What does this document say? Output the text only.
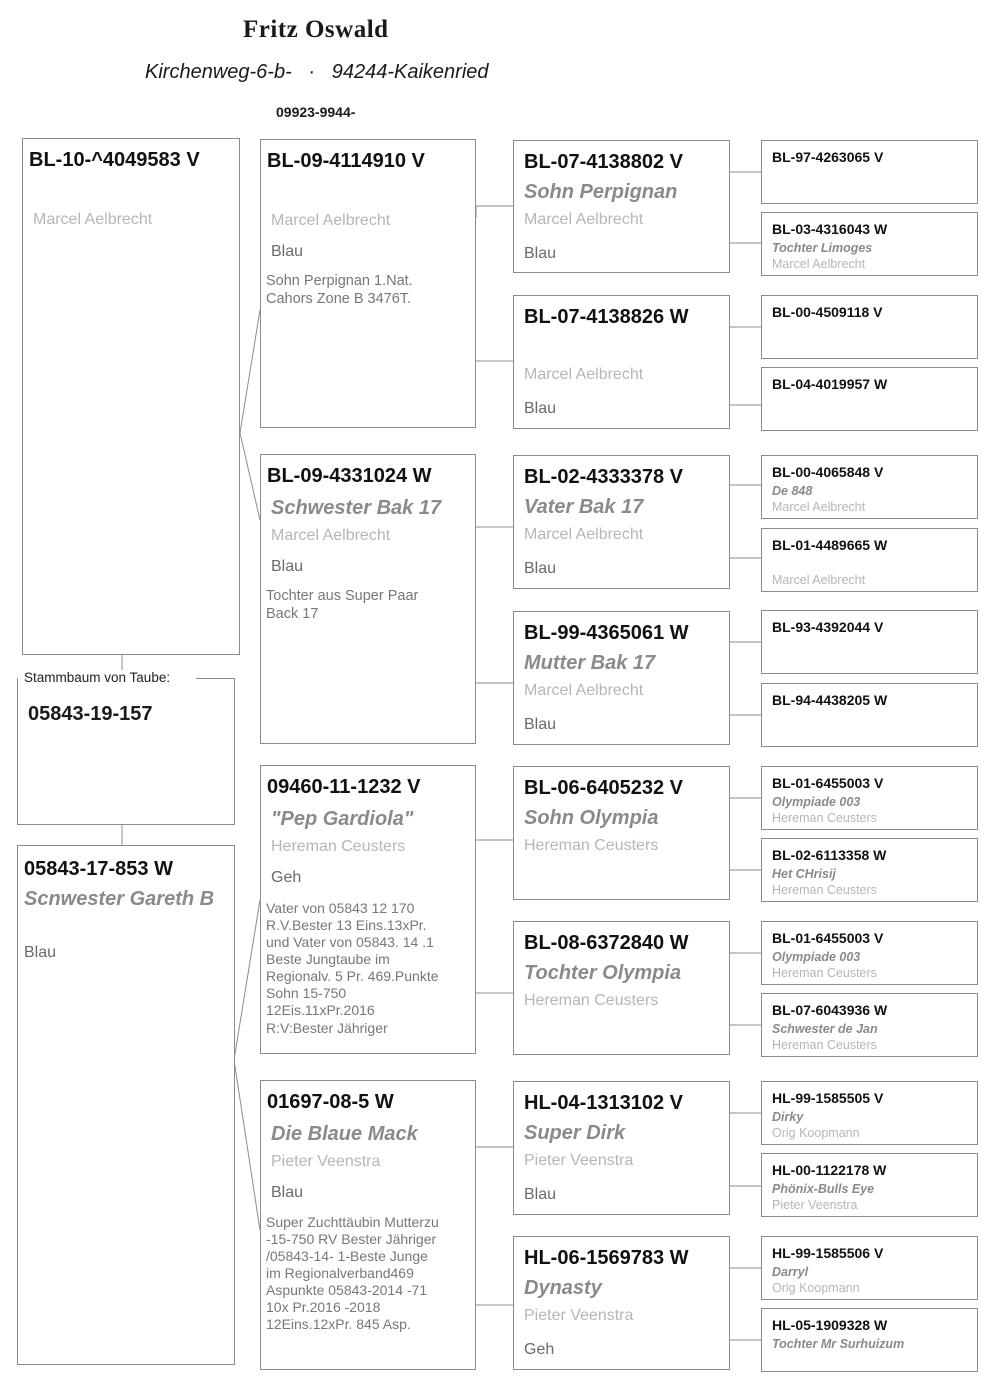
Fritz Oswald
Kirchenweg-6-b-   ·   94244-Kaikenried
09923-9944-
BL-10-^4049583 V
Marcel Aelbrecht
Stammbaum von Taube:
05843-19-157
05843-17-853 W
Scnwester Gareth B
Blau
BL-09-4114910 V
Marcel Aelbrecht
Blau
Sohn Perpignan 1.Nat.
Cahors Zone B 3476T.
BL-09-4331024 W
Schwester Bak 17
Marcel Aelbrecht
Blau
Tochter aus Super Paar
Back 17
09460-11-1232 V
"Pep Gardiola"
Hereman Ceusters
Geh
Vater von 05843 12 170
R.V.Bester 13 Eins.13xPr.
und Vater von 05843. 14 .1
Beste Jungtaube im
Regionalv. 5 Pr. 469.Punkte
Sohn 15-750
12Eis.11xPr.2016
R:V:Bester Jähriger
01697-08-5 W
Die Blaue Mack
Pieter Veenstra
Blau
Super Zuchttäubin Mutterzu
-15-750 RV Bester Jähriger
/05843-14- 1-Beste Junge
im Regionalverband469
Aspunkte 05843-2014 -71
10x Pr.2016 -2018
12Eins.12xPr. 845 Asp.
BL-07-4138802 V
Sohn Perpignan
Marcel Aelbrecht
Blau
BL-07-4138826 W
Marcel Aelbrecht
Blau
BL-02-4333378 V
Vater Bak 17
Marcel Aelbrecht
Blau
BL-99-4365061 W
Mutter Bak 17
Marcel Aelbrecht
Blau
BL-06-6405232 V
Sohn Olympia
Hereman Ceusters
BL-08-6372840 W
Tochter Olympia
Hereman Ceusters
HL-04-1313102 V
Super Dirk
Pieter Veenstra
Blau
HL-06-1569783 W
Dynasty
Pieter Veenstra
Geh
BL-97-4263065 V
BL-03-4316043 W
Tochter Limoges
Marcel Aelbrecht
BL-00-4509118 V
BL-04-4019957 W
BL-00-4065848 V
De 848
Marcel Aelbrecht
BL-01-4489665 W
Marcel Aelbrecht
BL-93-4392044 V
BL-94-4438205 W
BL-01-6455003 V
Olympiade 003
Hereman Ceusters
BL-02-6113358 W
Het CHrisij
Hereman Ceusters
BL-01-6455003 V
Olympiade 003
Hereman Ceusters
BL-07-6043936 W
Schwester de Jan
Hereman Ceusters
HL-99-1585505 V
Dirky
Orig Koopmann
HL-00-1122178 W
Phönix-Bulls Eye
Pieter Veenstra
HL-99-1585506 V
Darryl
Orig Koopmann
HL-05-1909328 W
Tochter Mr Surhuizum
